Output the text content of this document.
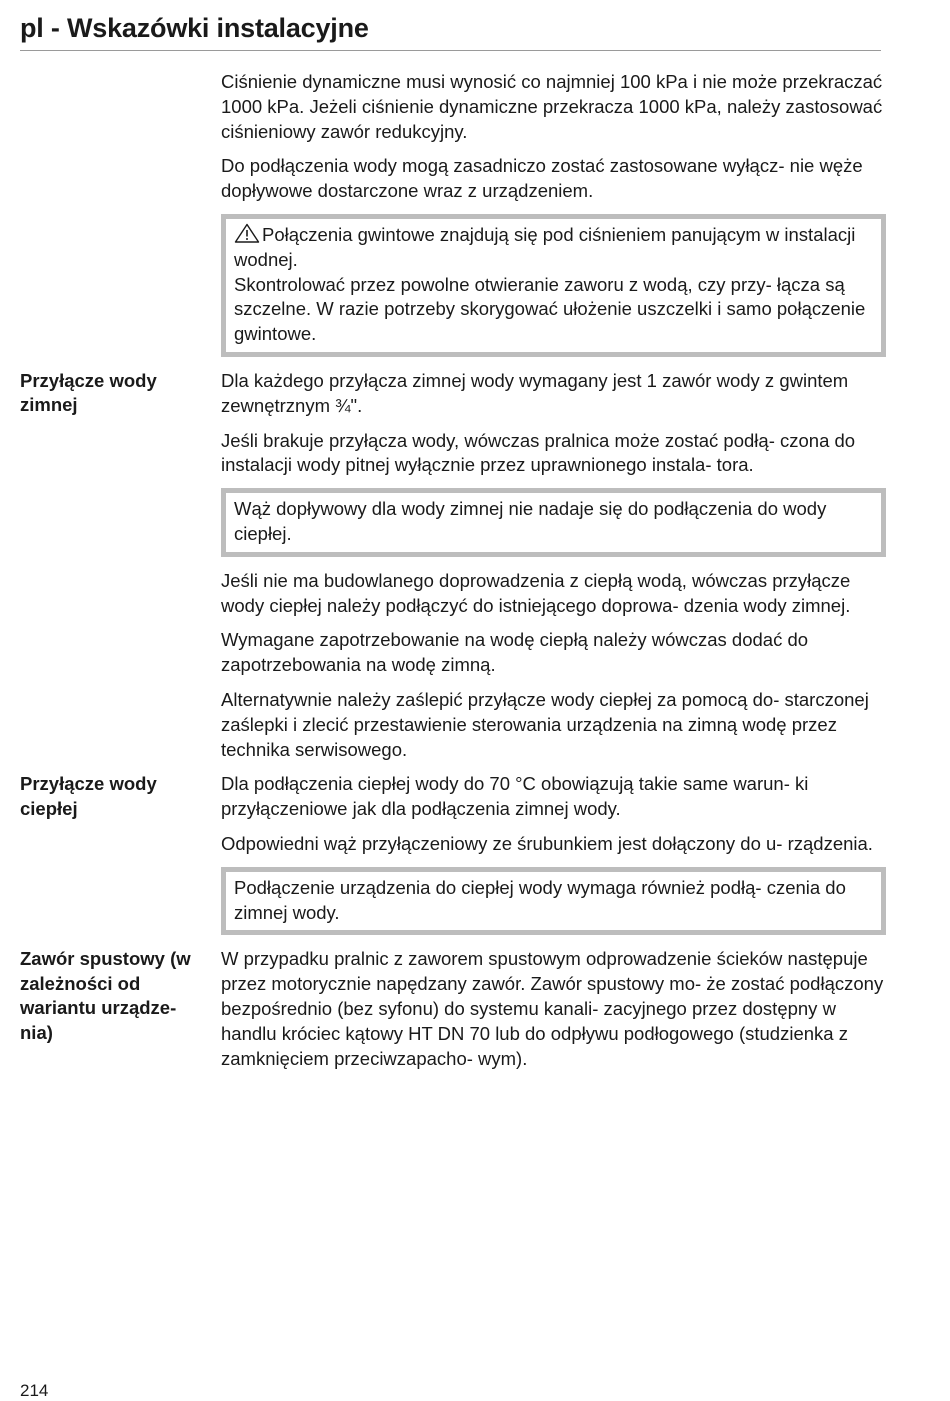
pl - Wskazówki instalacyjne

Ciśnienie dynamiczne musi wynosić co najmniej 100 kPa i nie może przekraczać 1000 kPa. Jeżeli ciśnienie dynamiczne przekracza 1000 kPa, należy zastosować ciśnieniowy zawór redukcyjny.

Do podłączenia wody mogą zasadniczo zostać zastosowane wyłącz- nie węże dopływowe dostarczone wraz z urządzeniem.

Połączenia gwintowe znajdują się pod ciśnieniem panującym w instalacji wodnej.

Skontrolować przez powolne otwieranie zaworu z wodą, czy przy- łącza są szczelne. W razie potrzeby skorygować ułożenie uszczelki i samo połączenie gwintowe.

Przyłącze wody zimnej

Dla każdego przyłącza zimnej wody wymagany jest 1 zawór wody z gwintem zewnętrznym ¾".

Jeśli brakuje przyłącza wody, wówczas pralnica może zostać podłą- czona do instalacji wody pitnej wyłącznie przez uprawnionego instala- tora.

Wąż dopływowy dla wody zimnej nie nadaje się do podłączenia do wody ciepłej.

Jeśli nie ma budowlanego doprowadzenia z ciepłą wodą, wówczas przyłącze wody ciepłej należy podłączyć do istniejącego doprowa- dzenia wody zimnej.

Wymagane zapotrzebowanie na wodę ciepłą należy wówczas dodać do zapotrzebowania na wodę zimną.

Alternatywnie należy zaślepić przyłącze wody ciepłej za pomocą do- starczonej zaślepki i zlecić przestawienie sterowania urządzenia na zimną wodę przez technika serwisowego.

Przyłącze wody ciepłej

Dla podłączenia ciepłej wody do 70 °C obowiązują takie same warun- ki przyłączeniowe jak dla podłączenia zimnej wody.

Odpowiedni wąż przyłączeniowy ze śrubunkiem jest dołączony do u- rządzenia.

Podłączenie urządzenia do ciepłej wody wymaga również podłą- czenia do zimnej wody.

Zawór spustowy (w zależności od wariantu urządze- nia)

W przypadku pralnic z zaworem spustowym odprowadzenie ścieków następuje przez motorycznie napędzany zawór. Zawór spustowy mo- że zostać podłączony bezpośrednio (bez syfonu) do systemu kanali- zacyjnego przez dostępny w handlu króciec kątowy HT DN 70 lub do odpływu podłogowego (studzienka z zamknięciem przeciwzapacho- wym).

214
